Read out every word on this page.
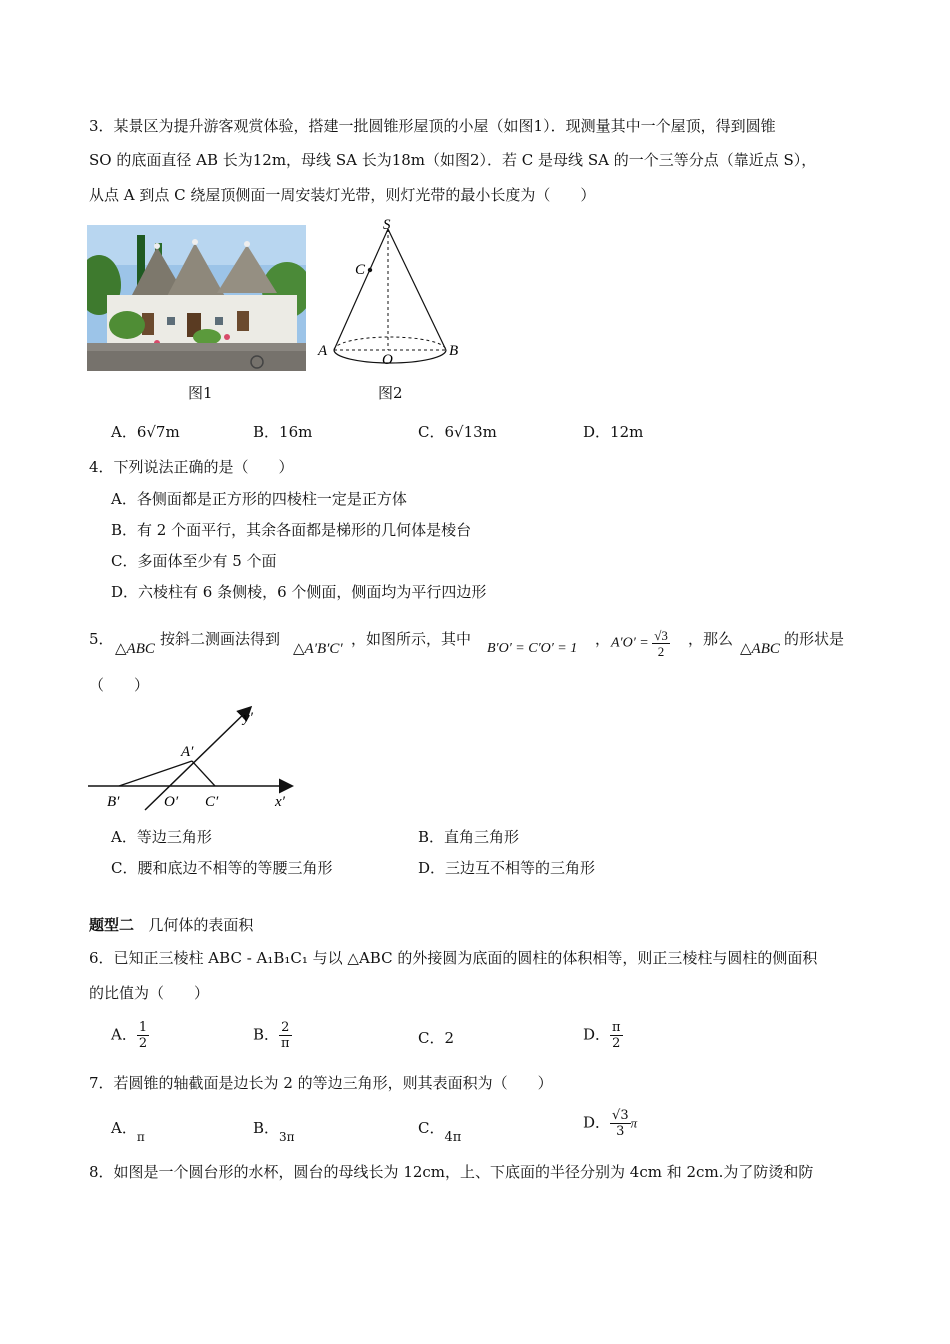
3．某景区为提升游客观赏体验，搭建一批圆锥形屋顶的小屋（如图1）．现测量其中一个屋顶，得到圆锥
SO 的底面直径 AB 长为12m，母线 SA 长为18m（如图2）．若 C 是母线 SA 的一个三等分点（靠近点 S），
从点 A 到点 C 绕屋顶侧面一周安装灯光带，则灯光带的最小长度为（　　）
图1
S
C
A
O
B
图2
A．6√7m	B．16m	C．6√13m	D．12m
4．下列说法正确的是（　　）
A．各侧面都是正方形的四棱柱一定是正方体
B．有 2 个面平行，其余各面都是梯形的几何体是棱台
C．多面体至少有 5 个面
D．六棱柱有 6 条侧棱，6 个侧面，侧面均为平行四边形
5．
△ABC
按斜二测画法得到
△A′B′C′
，如图所示，其中
B′O′ = C′O′ = 1
， $A'O' = \frac{√3}{2}$ ，那么
△ABC
的形状是
（　　）
y′
A′
B′	O′ C′	x′
A．等边三角形	B．直角三角形
C．腰和底边不相等的等腰三角形	D．三边互不相等的三角形
题型二 几何体的表面积
6．已知正三棱柱 ABC - A₁B₁C₁ 与以 △ABC 的外接圆为底面的圆柱的体积相等，则正三棱柱与圆柱的侧面积
的比值为（　　）
A． $\frac{1}{2}$	B． $\frac{2}{\pi}$	C．2	D． $\frac{\pi}{2}$
7．若圆锥的轴截面是边长为 2 的等边三角形，则其表面积为（　　）
A．$_\pi$	B．$_{3\pi}$	C．4π
D． $\frac{√3}{3}$ π
8．如图是一个圆台形的水杯，圆台的母线长为 12cm，上、下底面的半径分别为 4cm 和 2cm.为了防烫和防
